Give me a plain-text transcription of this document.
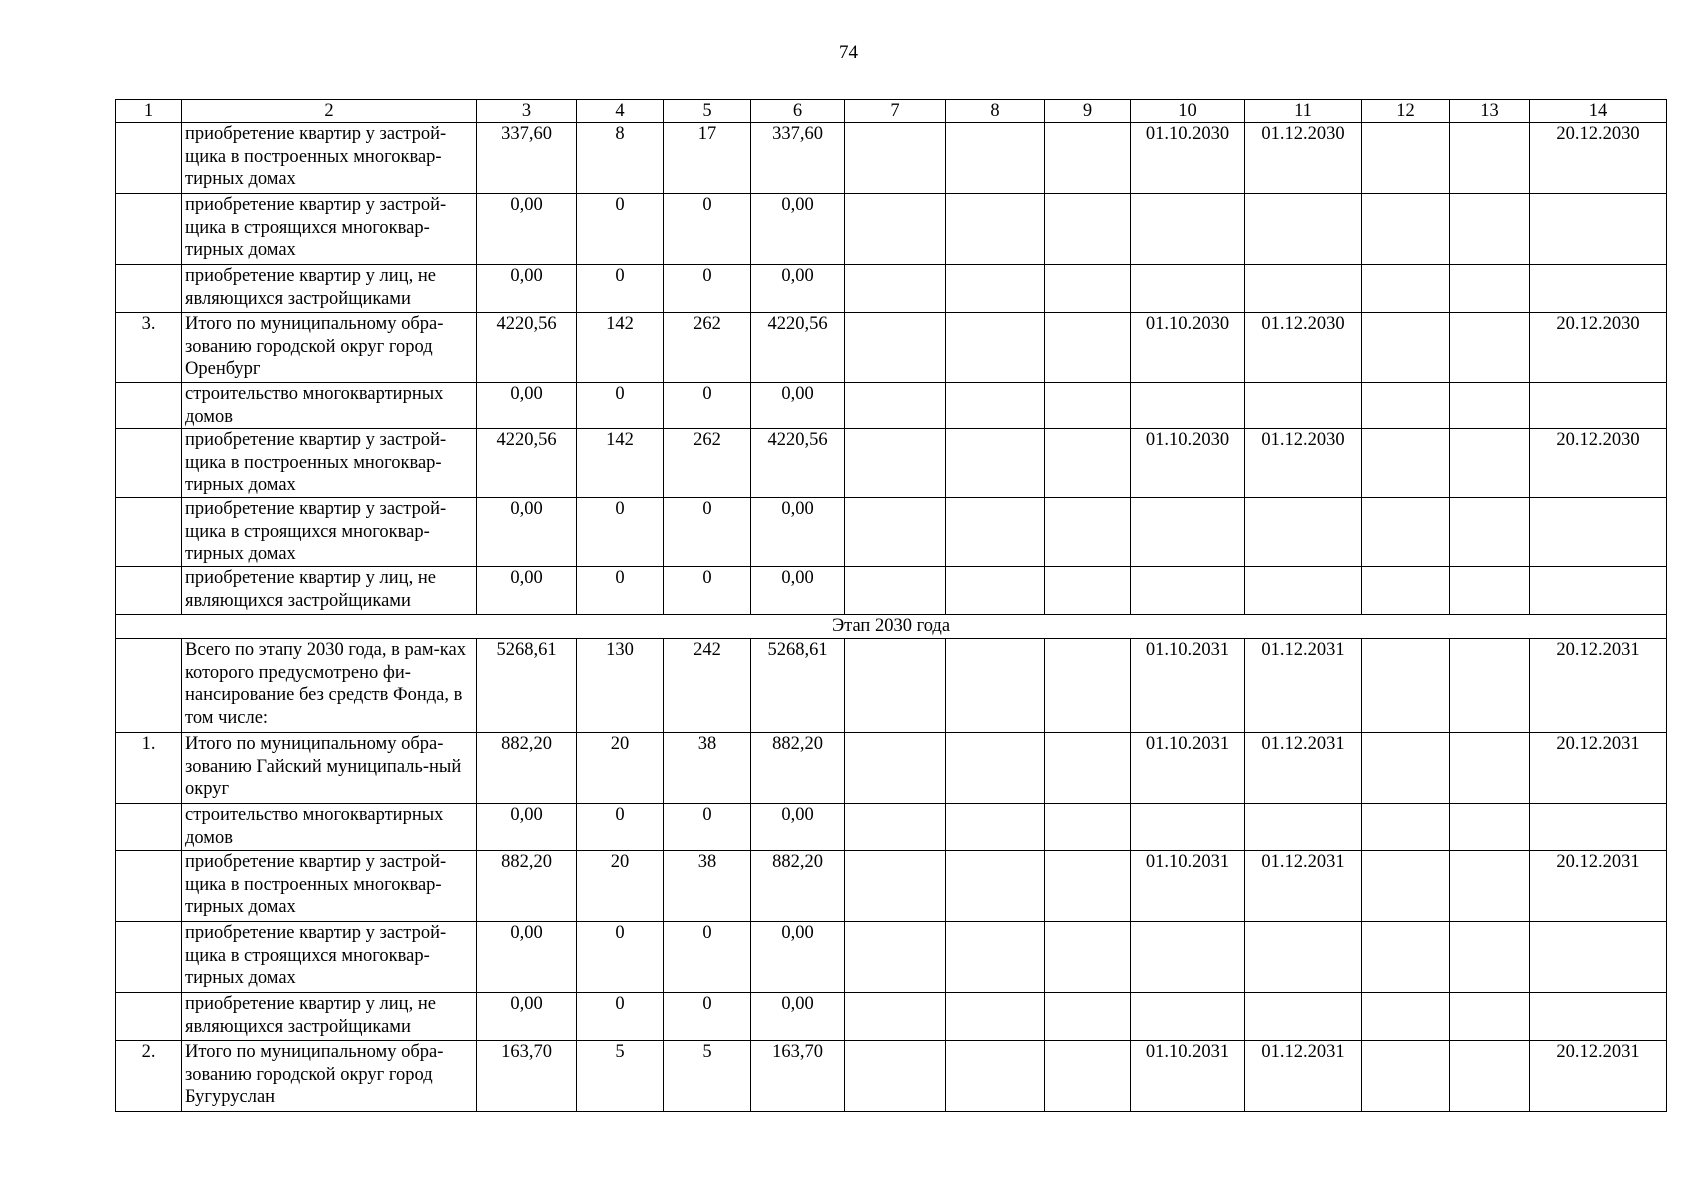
74
1	2	3	4	5	6	7	8	9	10	11	12	13	14
	приобретение квартир у застрой-щика в построенных многоквар-тирных домах	337,60	8	17	337,60				01.10.2030	01.12.2030			20.12.2030
	приобретение квартир у застрой-щика в строящихся многоквар-тирных домах	0,00	0	0	0,00								
	приобретение квартир у лиц, не являющихся застройщиками	0,00	0	0	0,00								
3.	Итого по муниципальному обра-зованию городской округ город Оренбург	4220,56	142	262	4220,56				01.10.2030	01.12.2030			20.12.2030
	строительство многоквартирных домов	0,00	0	0	0,00								
	приобретение квартир у застрой-щика в построенных многоквар-тирных домах	4220,56	142	262	4220,56				01.10.2030	01.12.2030			20.12.2030
	приобретение квартир у застрой-щика в строящихся многоквар-тирных домах	0,00	0	0	0,00								
	приобретение квартир у лиц, не являющихся застройщиками	0,00	0	0	0,00								
Этап 2030 года													
	Всего по этапу 2030 года, в рам-ках которого предусмотрено фи-нансирование без средств Фонда, в том числе:	5268,61	130	242	5268,61				01.10.2031	01.12.2031			20.12.2031
1.	Итого по муниципальному обра-зованию Гайский муниципаль-ный округ	882,20	20	38	882,20				01.10.2031	01.12.2031			20.12.2031
	строительство многоквартирных домов	0,00	0	0	0,00								
	приобретение квартир у застрой-щика в построенных многоквар-тирных домах	882,20	20	38	882,20				01.10.2031	01.12.2031			20.12.2031
	приобретение квартир у застрой-щика в строящихся многоквар-тирных домах	0,00	0	0	0,00								
	приобретение квартир у лиц, не являющихся застройщиками	0,00	0	0	0,00								
2.	Итого по муниципальному обра-зованию городской округ город Бугуруслан	163,70	5	5	163,70				01.10.2031	01.12.2031			20.12.2031
